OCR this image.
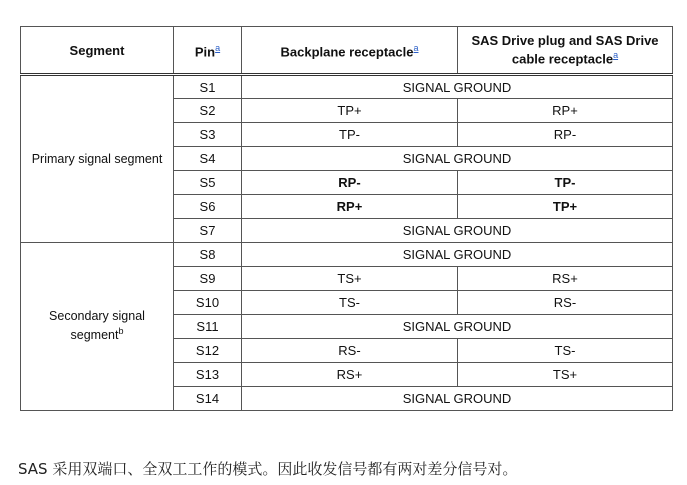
Segment	Pin$^a$	Backplane receptacle$^a$	SAS Drive plug and SAS Drive cable receptacle$^a$
Primary signal segment	S1	SIGNAL GROUND	
	S2	TP+	RP+
	S3	TP-	RP-
	S4	SIGNAL GROUND	
	S5	RP-	TP-
	S6	RP+	TP+
	S7	SIGNAL GROUND	
Secondary signal segment$^b$	S8	SIGNAL GROUND	
	S9	TS+	RS+
	S10	TS-	RS-
	S11	SIGNAL GROUND	
	S12	RS-	TS-
	S13	RS+	TS+
	S14	SIGNAL GROUND	

SAS 采用双端口、全双工工作的模式。因此收发信号都有两对差分信号对。
